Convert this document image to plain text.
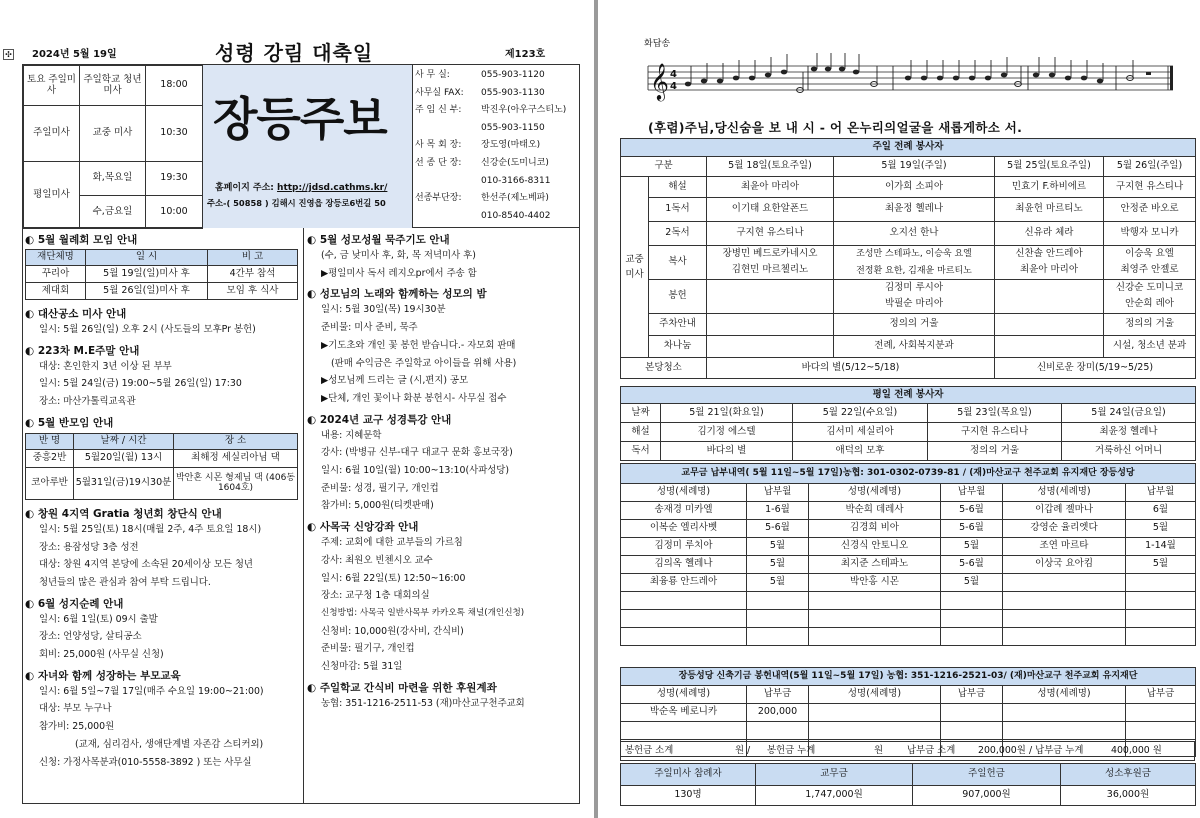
✣ 2024년 5월 19일	성령 강림 대축일	제123호
토요 주일미사	주일학교 청년미사	18:00
주일미사	교중 미사	10:30
평일미사	화,목요일	19:30
	수,금요일	10:00
장등주보
홈페이지 주소: http://jdsd.cathms.kr/
주소-( 50858 ) 김해시 진영읍 장등로6번길 50
사 무 실:	055-903-1120
사무실 FAX: 055-903-1130
주 임 신 부: 박진우(아우구스티노)
055-903-1150
사 목 회 장: 장도영(마태오)
선 종 단 장: 신강순(도미니코)
010-3166-8311
선종부단장: 한선주(제노베파)
010-8540-4402
◐ 5월 월례회 모임 안내
재단체명	일 시	비 고
꾸리아	5월 19일(일)미사 후	4간부 참석
제대회	5월 26일(일)미사 후	모임 후 식사
◐ 대산공소 미사 안내
일시: 5월 26일(일) 오후 2시 (사도들의 모후Pr 봉헌)
◐ 223차 M.E주말 안내
대상: 혼인한지 3년 이상 된 부부
일시: 5월 24일(금) 19:00~5월 26일(일) 17:30
장소: 마산가톨릭교육관
◐ 5월 반모임 안내
반 명	날짜 / 시간	장 소
중흥2반	5월20일(월) 13시	최해정 세실리아님 댁
코아루반	5월31일(금)19시30분	박안혼 시몬 형제님 댁 (406동1604호)
◐ 창원 4지역 Gratia 청년회 창단식 안내
일시: 5월 25일(토) 18시(매월 2주, 4주 토요일 18시)
장소: 용잠성당 3층 성전
대상: 창원 4지역 본당에 소속된 20세이상 모든 청년
청년들의 많은 관심과 참여 부탁 드립니다.
◐ 6월 성지순례 안내
일시: 6월 1일(토) 09시 출발
장소: 언양성당, 살티공소
회비: 25,000원 (사무실 신청)
◐ 자녀와 함께 성장하는 부모교육
일시: 6월 5일~7월 17일(매주 수요일 19:00~21:00)
대상: 부모 누구나
참가비: 25,000원
(교재, 심리검사, 생애단계별 자존감 스티커외)
신청: 가정사목분과(010-5558-3892 ) 또는 사무실
◐ 5월 성모성월 묵주기도 안내
(수, 금 낮미사 후, 화, 목 저녁미사 후)
▶평일미사 독서 레지오pr에서 주송 함
◐ 성모님의 노래와 함께하는 성모의 밤
일시: 5월 30일(목) 19시30분
준비물: 미사 준비, 묵주
▶기도초와 개인 꽃 봉헌 받습니다.- 자모회 판매
(판매 수익금은 주일학교 아이들을 위해 사용)
▶성모님께 드리는 글 (시,편지) 공모
▶단체, 개인 꽃이나 화분 봉헌시- 사무실 접수
◐ 2024년 교구 성경특강 안내
내용: 지혜문학
강사: (박병규 신부-대구 대교구 문화 홍보국장)
일시: 6월 10일(월) 10:00~13:10(사파성당)
준비물: 성경, 필기구, 개인컵
참가비: 5,000원(티켓판매)
◐ 사목국 신앙강좌 안내
주제: 교회에 대한 교부들의 가르침
강사: 최원오 빈첸시오 교수
일시: 6월 22일(토) 12:50~16:00
장소: 교구청 1층 대회의실
신청방법: 사목국 일반사목부 카카오톡 채널(개인신청)
신청비: 10,000원(강사비, 간식비)
준비물: 필기구, 개인컵
신청마감: 5월 31일
◐ 주일학교 간식비 마련을 위한 후원계좌
농협: 351-1216-2511-53 (재)마산교구천주교회
화답송
𝄞 4
4
(후렴)주님,당신숨을 보 내 시 - 어 온누리의얼굴을 새롭게하소 서.
주일 전례 봉사자					
구분		5월 18일(토요주일)	5월 19일(주일)	5월 25일(토요주일)	5월 26일(주일)
교중미사	해설	최윤아 마리아	이가희 소피아	민효기 F.하비에르	구지현 유스티나
	1독서	이기태 요한알폰드	최윤정 헬레나	최윤헌 마르티노	안정준 바오로
	2독서	구지현 유스티나	오지선 한나	신유라 체라	박행자 모니카
	복사	장병민 베드로카네시오	조성만 스테파노, 이승욱 요엘	신찬솔 안드레아	이승욱 요엘
		김현민 마르첼리노	전정환 요한, 김재윤 마르티노	최윤아 마리아	최영주 안젤로
	봉헌		김정미 루시아		신강순 도미니코
			박필순 마리아		안순희 레아
	주차안내		정의의 거울		정의의 거울
	차나눔		전례, 사회복지분과		시설, 청소년 분과
본당청소		바다의 별(5/12~5/18)		신비로운 장미(5/19~5/25)	
평일 전례 봉사자				
날짜	5월 21일(화요일)	5월 22일(수요일)	5월 23일(목요일)	5월 24일(금요일)
해설	김기정 에스텔	김서미 세실리아	구지현 유스티나	최윤정 헬레나
독서	바다의 별	애덕의 모후	정의의 거울	거룩하신 어머니
교무금 납부내역( 5월 11일~5월 17일)농협: 301-0302-0739-81 / (재)마산교구 천주교회 유지재단 장등성당					
성명(세례명)	납부월	성명(세례명)	납부월	성명(세례명)	납부월
송재경 미카엘	1-6월	박순희 데레사	5-6월	이갑례 젤마나	6월
이복순 엘리사벳	5-6월	김경희 비아	5-6월	강영순 율리엣다	5월
김정미 루치아	5월	신경식 안토니오	5월	조연 마르타	1-14월
김의옥 헬레나	5월	최지준 스테파노	5-6월	이상국 요아킴	5월
최융룡 안드레아	5월	박안홍 시몬	5월		

장등성당 신축기금 봉헌내역(5월 11일~5월 17일) 농협: 351-1216-2521-03/ (재)마산교구 천주교회 유지재단					
성명(세례명)	납부금	성명(세례명)	납부금	성명(세례명)	납부금
박순옥 베로니카	200,000				

봉헌금 소계	원 / 봉헌금 누계	원	납부금 소계 200,000원 / 납부금 누계	400,000 원
주일미사 참례자	교무금	주일헌금	성소후원금
130명	1,747,000원	907,000원	36,000원
